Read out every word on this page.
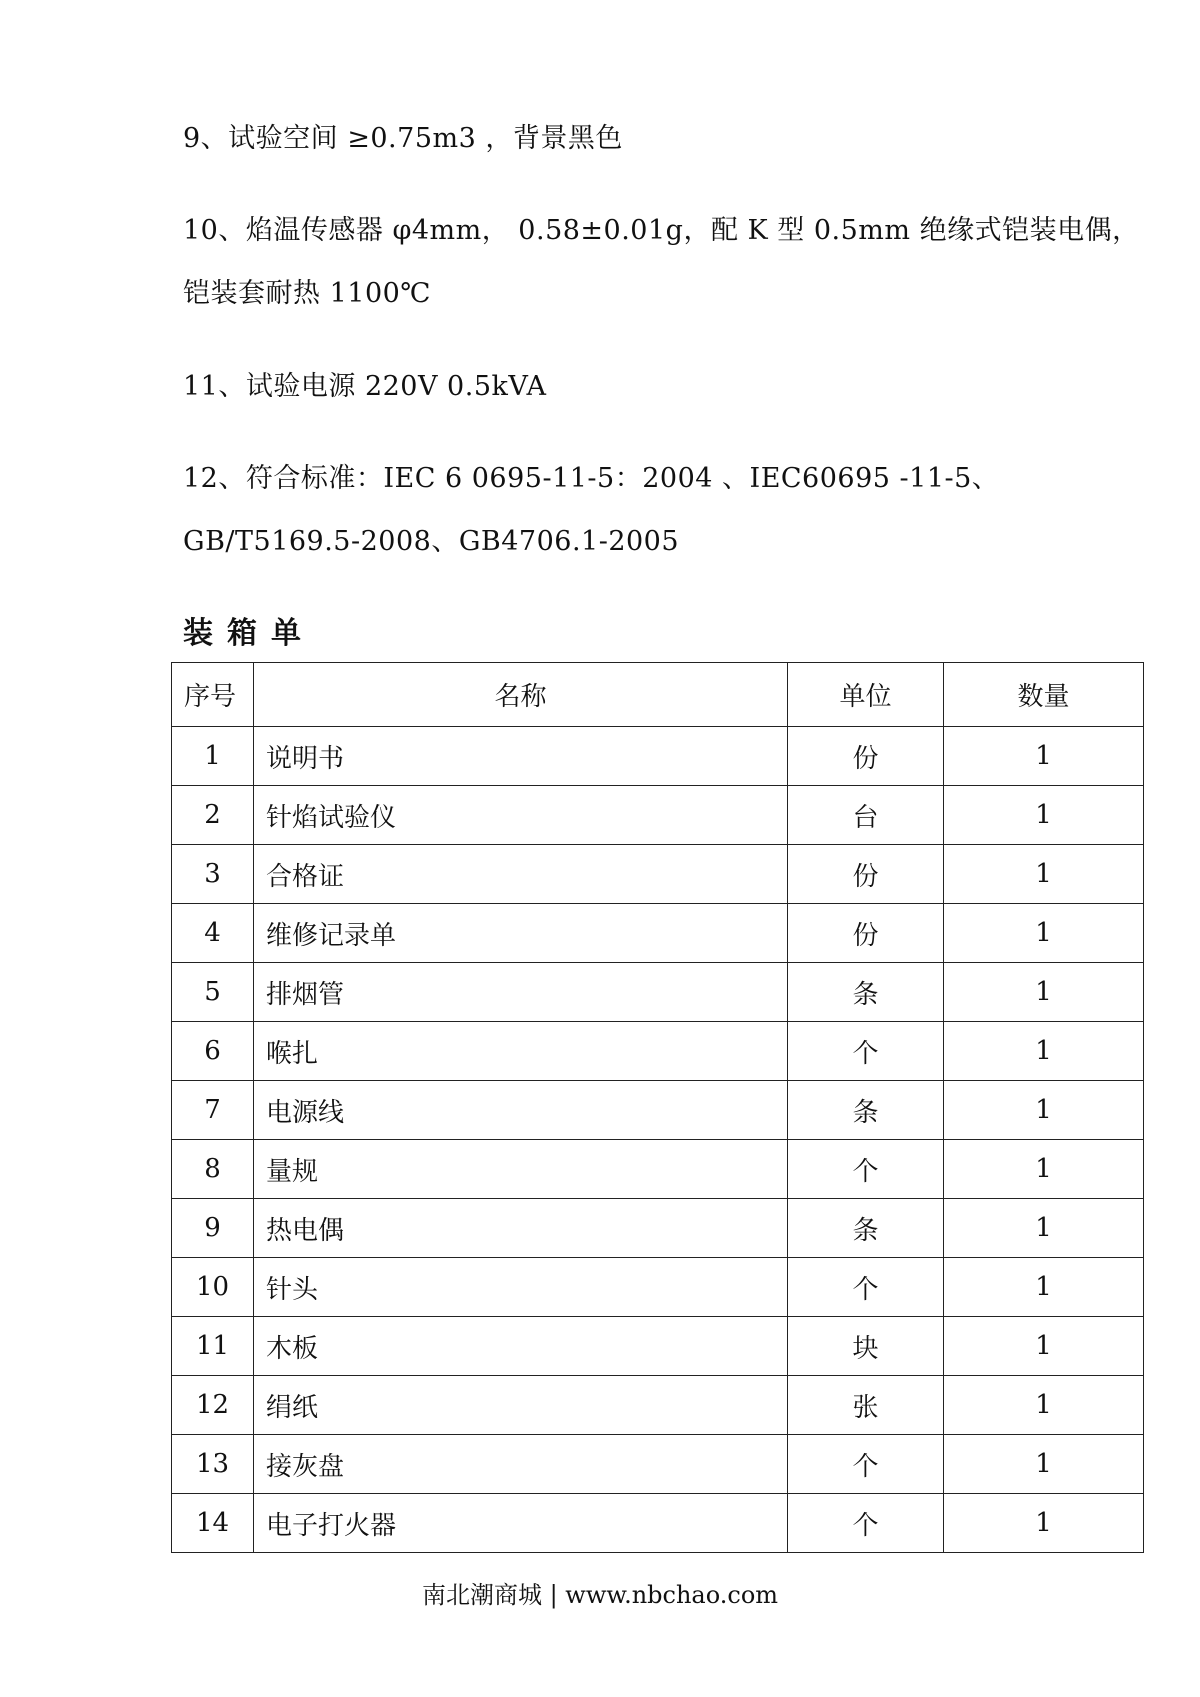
9、试验空间 ≥0.75m3 ，背景黑色
10、焰温传感器 φ4mm， 0.58±0.01g，配 K 型 0.5mm 绝缘式铠装电偶，铠装套耐热 1100℃
11、试验电源 220V 0.5kVA
12、符合标准：IEC 6 0695-11-5：2004 、IEC60695 -11-5、GB/T5169.5-2008、GB4706.1-2005
装箱单
序号	名称	单位	数量
1	说明书	份	1
2	针焰试验仪	台	1
3	合格证	份	1
4	维修记录单	份	1
5	排烟管	条	1
6	喉扎	个	1
7	电源线	条	1
8	量规	个	1
9	热电偶	条	1
10	针头	个	1
11	木板	块	1
12	绢纸	张	1
13	接灰盘	个	1
14	电子打火器	个	1
南北潮商城 | www.nbchao.com
